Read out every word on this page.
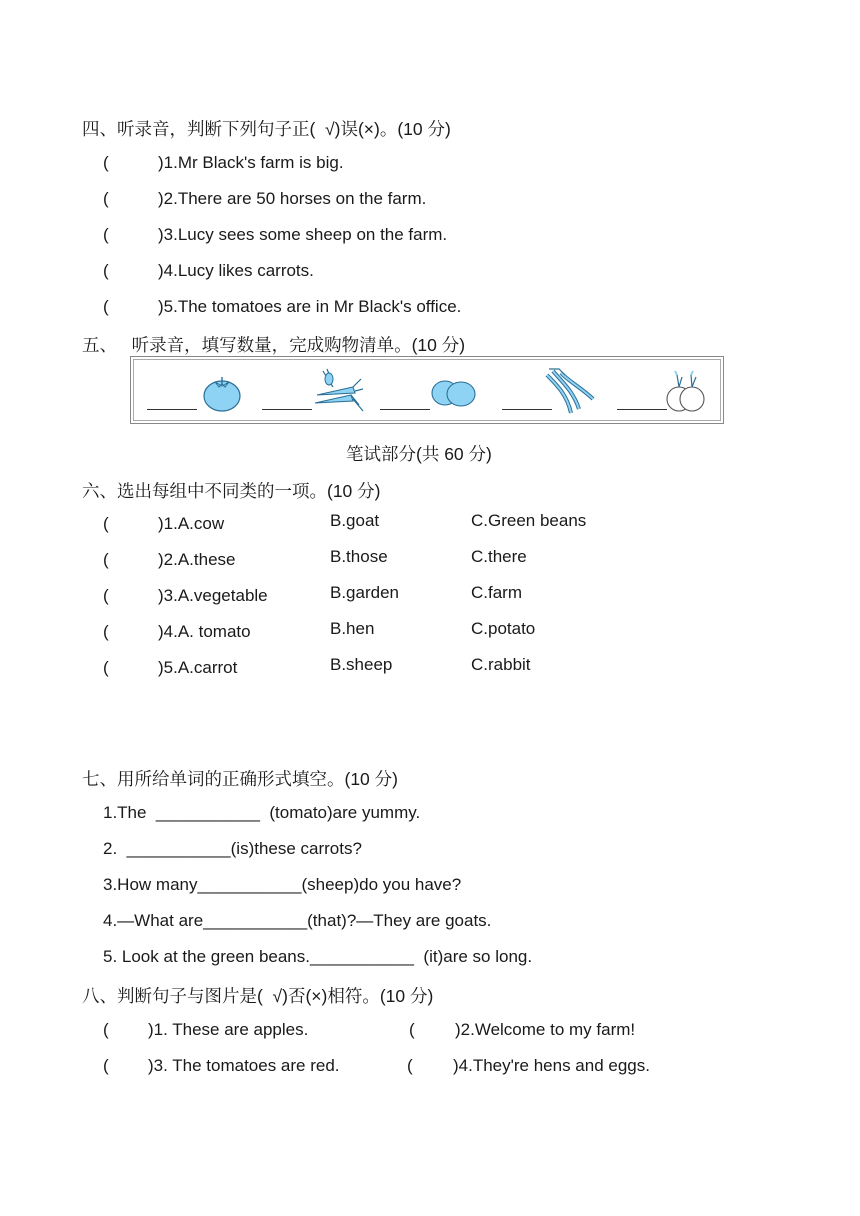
四、听录音，判断下列句子正(  √)误(×)。(10 分)
(	)1.Mr Black's farm is big.
(	)2.There are 50 horses on the farm.
(	)3.Lucy sees some sheep on the farm.
(	)4.Lucy likes carrots.
(	)5.The tomatoes are in Mr Black's office.
五、   听录音，填写数量，完成购物清单。(10 分)
笔试部分(共 60 分)
六、选出每组中不同类的一项。(10 分)
(	)1.A.cow	B.goat	C.Green beans
(	)2.A.these	B.those	C.there
(	)3.A.vegetable	B.garden	C.farm
(	)4.A. tomato	B.hen	C.potato
(	)5.A.carrot	B.sheep	C.rabbit
七、用所给单词的正确形式填空。(10 分)
1.The  ___________  (tomato)are yummy.
2.  ___________(is)these carrots?
3.How many___________(sheep)do you have?
4.—What are___________(that)?—They are goats.
5. Look at the green beans.___________  (it)are so long.
八、判断句子与图片是(  √)否(×)相符。(10 分)
( )1. These are apples.	( )2.Welcome to my farm!
( )3. The tomatoes are red.	( )4.They're hens and eggs.
